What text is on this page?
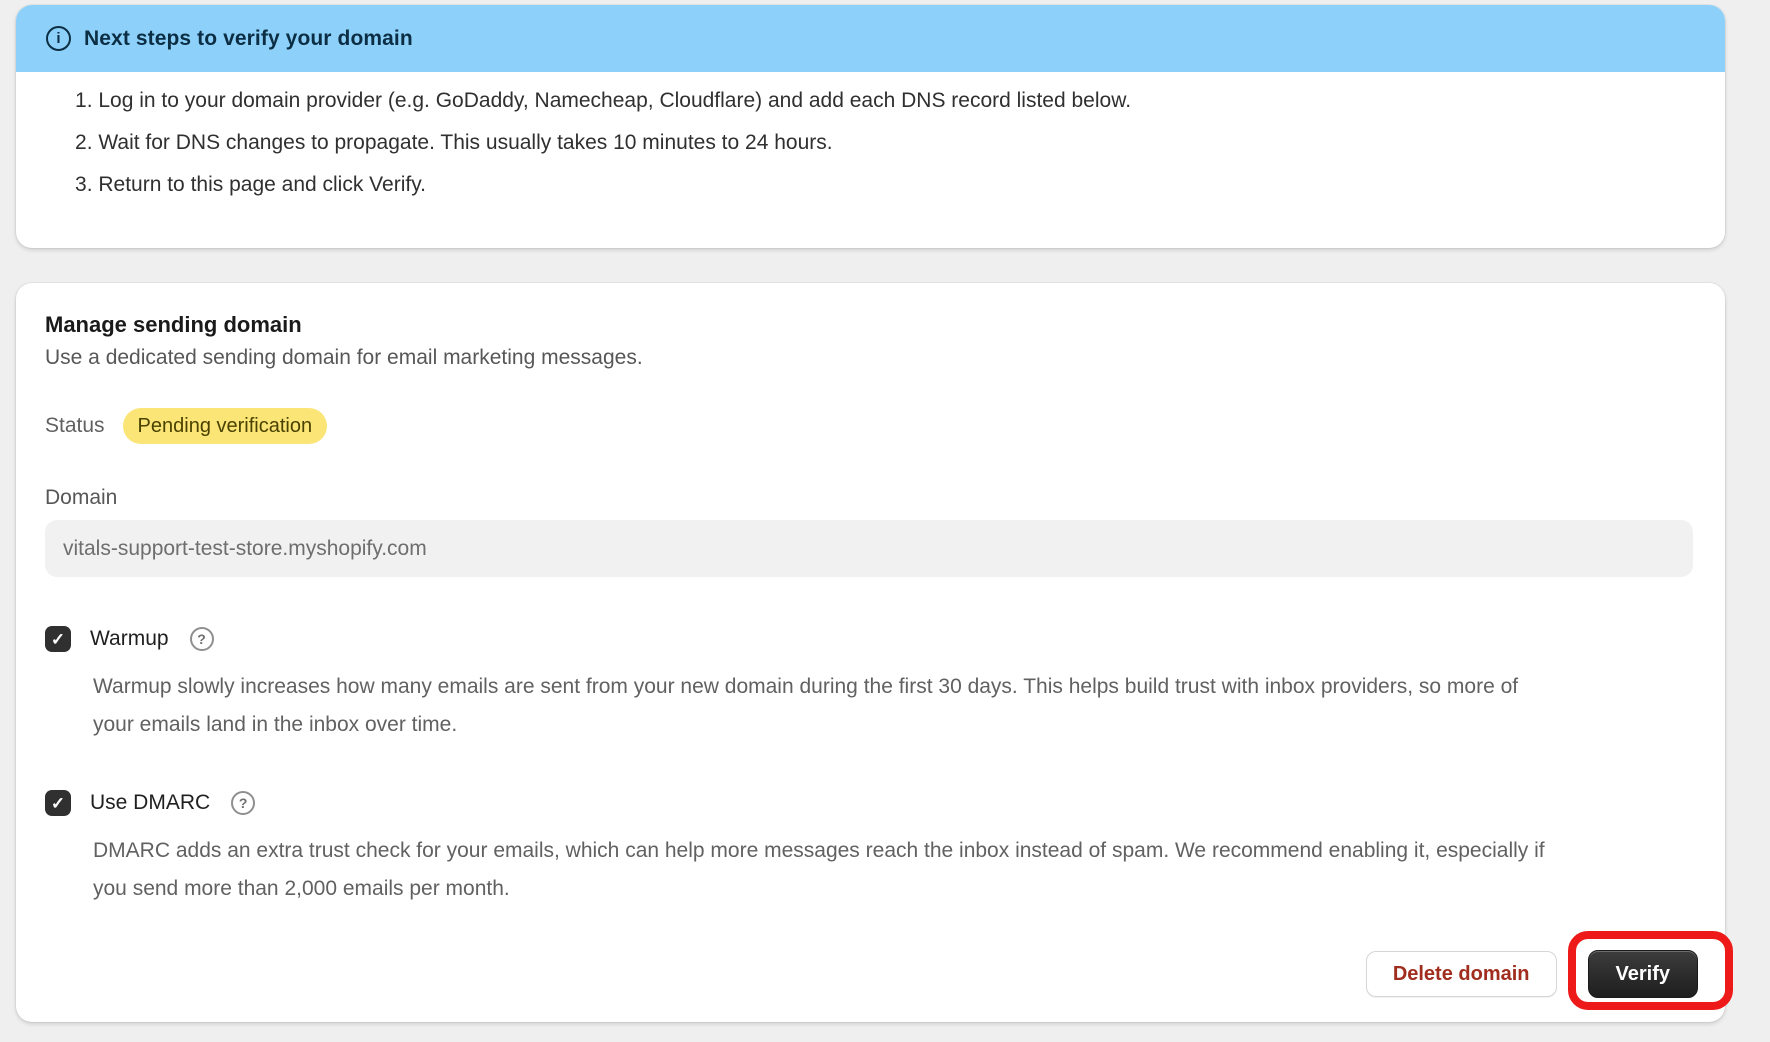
i	Next steps to verify your domain
Log in to your domain provider (e.g. GoDaddy, Namecheap, Cloudflare) and add each DNS record listed below.
Wait for DNS changes to propagate. This usually takes 10 minutes to 24 hours.
Return to this page and click Verify.
Manage sending domain

Use a dedicated sending domain for email marketing messages.

Status	Pending verification
Domain
vitals-support-test-store.myshopify.com
✓
Warmup	?

Warmup slowly increases how many emails are sent from your new domain during the first 30 days. This helps build trust with inbox providers, so more of your emails land in the inbox over time.

✓
Use DMARC	?

DMARC adds an extra trust check for your emails, which can help more messages reach the inbox instead of spam. We recommend enabling it, especially if you send more than 2,000 emails per month.

Delete domain	Verify
